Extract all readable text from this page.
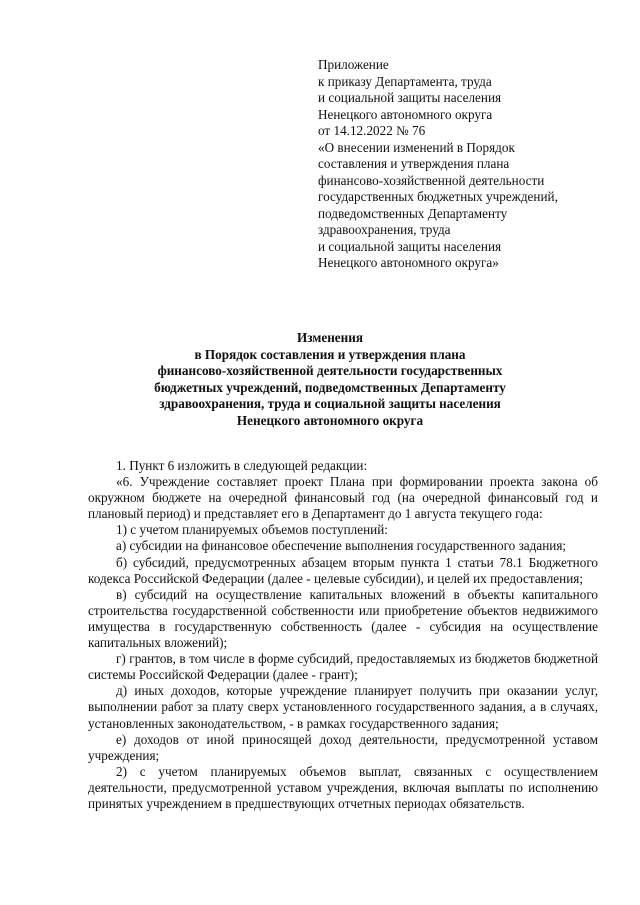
Приложение
к приказу Департамента, труда
и социальной защиты населения
Ненецкого автономного округа
от 14.12.2022 № 76
«О внесении изменений в Порядок
составления и утверждения плана
финансово-хозяйственной деятельности
государственных бюджетных учреждений,
подведомственных Департаменту
здравоохранения, труда
и социальной защиты населения
Ненецкого автономного округа»
Изменения
в Порядок составления и утверждения плана
финансово-хозяйственной деятельности государственных
бюджетных учреждений, подведомственных Департаменту
здравоохранения, труда и социальной защиты населения
Ненецкого автономного округа

1. Пункт 6 изложить в следующей редакции:

«6. Учреждение составляет проект Плана при формировании проекта закона об окружном бюджете на очередной финансовый год (на очередной финансовый год и плановый период) и представляет его в Департамент до 1 августа текущего года:

1) с учетом планируемых объемов поступлений:

а) субсидии на финансовое обеспечение выполнения государственного задания;

б) субсидий, предусмотренных абзацем вторым пункта 1 статьи 78.1 Бюджетного кодекса Российской Федерации (далее - целевые субсидии), и целей их предоставления;

в) субсидий на осуществление капитальных вложений в объекты капитального строительства государственной собственности или приобретение объектов недвижимого имущества в государственную собственность (далее - субсидия на осуществление капитальных вложений);

г) грантов, в том числе в форме субсидий, предоставляемых из бюджетов бюджетной системы Российской Федерации (далее - грант);

д) иных доходов, которые учреждение планирует получить при оказании услуг, выполнении работ за плату сверх установленного государственного задания, а в случаях, установленных законодательством, - в рамках государственного задания;

е) доходов от иной приносящей доход деятельности, предусмотренной уставом учреждения;

2) с учетом планируемых объемов выплат, связанных с осуществлением деятельности, предусмотренной уставом учреждения, включая выплаты по исполнению принятых учреждением в предшествующих отчетных периодах обязательств.
